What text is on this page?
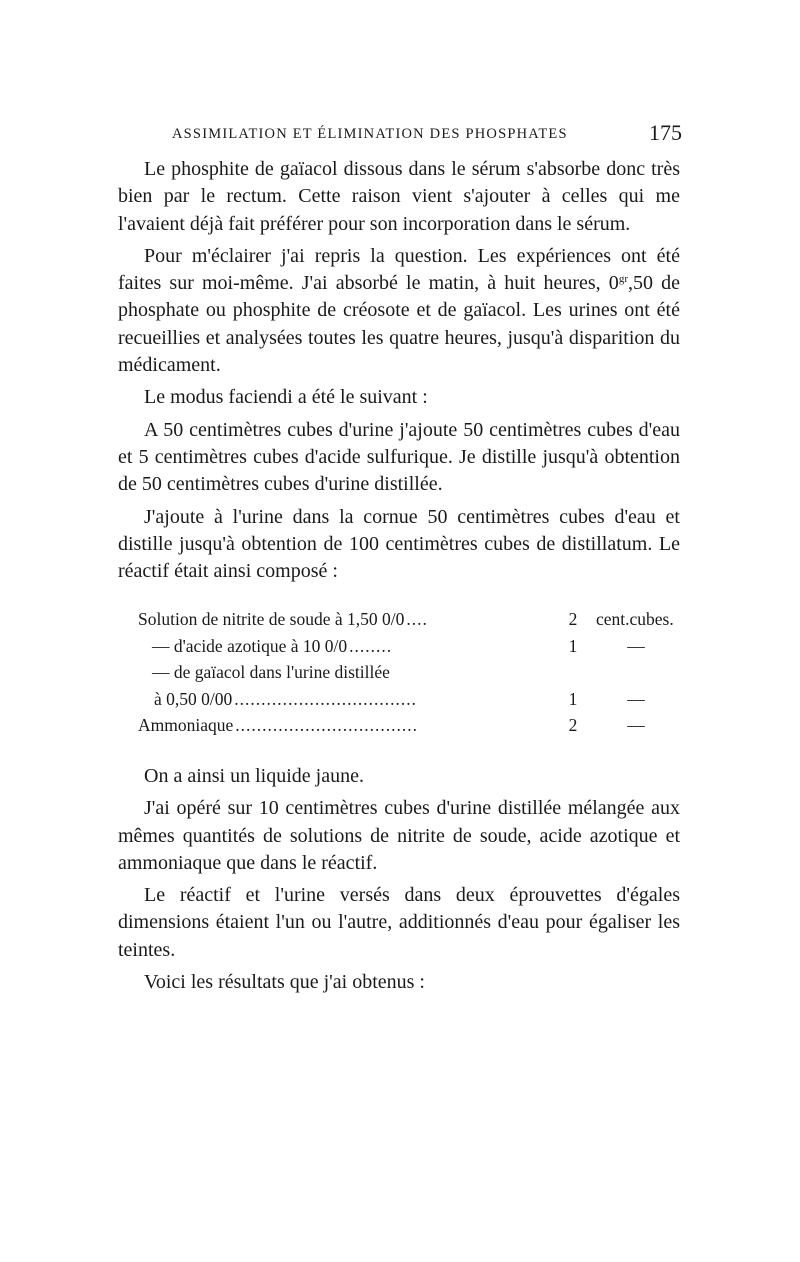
ASSIMILATION ET ÉLIMINATION DES PHOSPHATES	175

Le phosphite de gaïacol dissous dans le sérum s'absorbe donc très bien par le rectum. Cette raison vient s'ajouter à celles qui me l'avaient déjà fait préférer pour son incorporation dans le sérum.

Pour m'éclairer j'ai repris la question. Les expériences ont été faites sur moi-même. J'ai absorbé le matin, à huit heures, $0^{gr},50$ de phosphate ou phosphite de créosote et de gaïacol. Les urines ont été recueillies et analysées toutes les quatre heures, jusqu'à disparition du médicament.

Le modus faciendi a été le suivant :

A 50 centimètres cubes d'urine j'ajoute 50 centimètres cubes d'eau et 5 centimètres cubes d'acide sulfurique. Je distille jusqu'à obtention de 50 centimètres cubes d'urine distillée.

J'ajoute à l'urine dans la cornue 50 centimètres cubes d'eau et distille jusqu'à obtention de 100 centimètres cubes de distillatum. Le réactif était ainsi composé :

Solution de nitrite de soude à 1,50 0/0 ....	2	cent.cubes.
— d'acide azotique à 10 0/0 ........	1	—
— de gaïacol dans l'urine distillée
à 0,50 0/00 ..................................	1	—
Ammoniaque ..................................	2	—

On a ainsi un liquide jaune.

J'ai opéré sur 10 centimètres cubes d'urine distillée mélangée aux mêmes quantités de solutions de nitrite de soude, acide azotique et ammoniaque que dans le réactif.

Le réactif et l'urine versés dans deux éprouvettes d'égales dimensions étaient l'un ou l'autre, additionnés d'eau pour égaliser les teintes.

Voici les résultats que j'ai obtenus :
